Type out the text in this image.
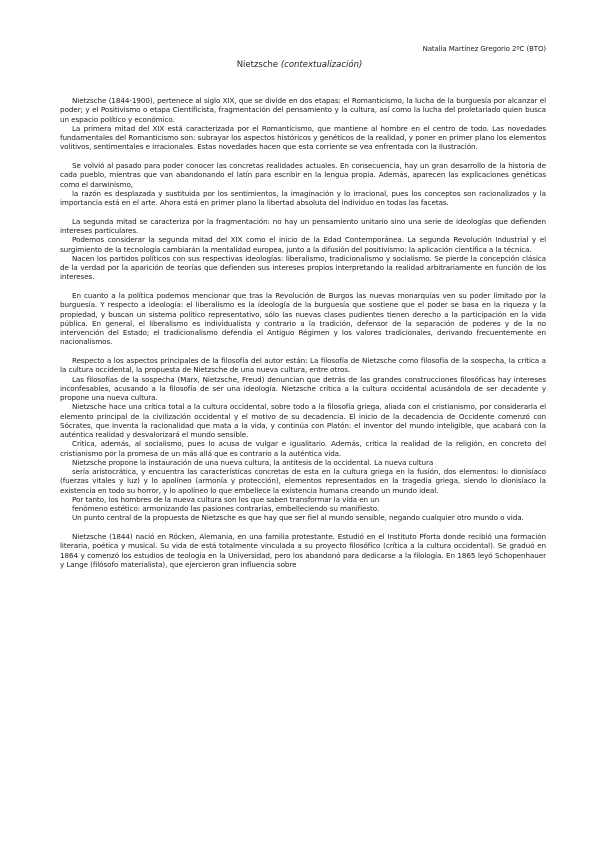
Natalia Martínez Gregorio 2ºC (BTO)
Nietzsche (contextualización)

Nietzsche (1844-1900), pertenece al siglo XIX, que se divide en dos etapas: el Romanticismo, la lucha de la burguesía por alcanzar el poder; y el Positivismo o etapa Científicista, fragmentación del pensamiento y la cultura, así como la lucha del proletariado quien busca un espacio político y económico.

La primera mitad del XIX está caracterizada por el Romanticismo, que mantiene al hombre en el centro de todo. Las novedades fundamentales del Romanticismo son: subrayar los aspectos históricos y genéticos de la realidad, y poner en primer plano los elementos volitivos, sentimentales e irracionales. Estas novedades hacen que esta corriente se vea enfrentada con la Ilustración.

Se volvió al pasado para poder conocer las concretas realidades actuales. En consecuencia, hay un gran desarrollo de la historia de cada pueblo, mientras que van abandonando el latín para escribir en la lengua propia. Además, aparecen las explicaciones genéticas como el darwinismo,

la razón es desplazada y sustituida por los sentimientos, la imaginación y lo irracional, pues los conceptos son racionalizados y la importancia está en el arte. Ahora está en primer plano la libertad absoluta del individuo en todas las facetas.

La segunda mitad se caracteriza por la fragmentación: no hay un pensamiento unitario sino una serie de ideologías que defienden intereses particulares.

Podemos considerar la segunda mitad del XIX como el inicio de la Edad Contemporánea. La segunda Revolución Industrial y el surgimiento de la tecnología cambiarán la mentalidad europea, junto a la difusión del positivismo: la aplicación científica a la técnica.

Nacen los partidos políticos con sus respectivas ideologías: liberalismo, tradicionalismo y socialismo. Se pierde la concepción clásica de la verdad por la aparición de teorías que defienden sus intereses propios interpretando la realidad arbitrariamente en función de los intereses.

En cuanto a la política podemos mencionar que tras la Revolución de Burgos las nuevas monarquías ven su poder limitado por la burguesía. Y respecto a ideología: el liberalismo es la ideología de la burguesía que sostiene que el poder se basa en la riqueza y la propiedad, y buscan un sistema político representativo, sólo las nuevas clases pudientes tienen derecho a la participación en la vida pública. En general, el liberalismo es individualista y contrario a la tradición, defensor de la separación de poderes y de la no intervención del Estado; el tradicionalismo defendía el Antiguo Régimen y los valores tradicionales, derivando frecuentemente en nacionalismos.

Respecto a los aspectos principales de la filosofía del autor están: La filosofía de Nietzsche como filosofía de la sospecha, la crítica a la cultura occidental, la propuesta de Nietzsche de una nueva cultura, entre otros.

Las filosofías de la sospecha (Marx, Nietzsche, Freud) denuncian que detrás de las grandes construcciones filosóficas hay intereses inconfesables, acusando a la filosofía de ser una ideología. Nietzsche critica a la cultura occidental acusándola de ser decadente y propone una nueva cultura.

Nietzsche hace una crítica total a la cultura occidental, sobre todo a la filosofía griega, aliada con el cristianismo, por considerarla el elemento principal de la civilización occidental y el motivo de su decadencia. El inicio de la decadencia de Occidente comenzó con Sócrates, que inventa la racionalidad que mata a la vida, y continúa con Platón: el inventor del mundo inteligible, que acabará con la auténtica realidad y desvalorizará el mundo sensible.

Critica, además, al socialismo, pues lo acusa de vulgar e igualitario. Además, critica la realidad de la religión, en concreto del cristianismo por la promesa de un más allá que es contrario a la auténtica vida.

Nietzsche propone la instauración de una nueva cultura, la antítesis de la occidental. La nueva cultura

sería aristocrática, y encuentra las características concretas de esta en la cultura griega en la fusión, dos elementos: lo dionisíaco (fuerzas vitales y luz) y lo apolíneo (armonía y protección), elementos representados en la tragedia griega, siendo lo dionisíaco la existencia en todo su horror, y lo apolíneo lo que embellece la existencia humana creando un mundo ideal.

Por tanto, los hombres de la nueva cultura son los que saben transformar la vida en un

fenómeno estético: armonizando las pasiones contrarias, embelleciendo su manifiesto.

Un punto central de la propuesta de Nietzsche es que hay que ser fiel al mundo sensible, negando cualquier otro mundo o vida.

Nietzsche (1844) nació en Röcken, Alemania, en una familia protestante. Estudió en el Instituto Pforta donde recibió una formación literaria, poética y musical. Su vida de está totalmente vinculada a su proyecto filosófico (crítica a la cultura occidental). Se graduó en 1864 y comenzó los estudios de teología en la Universidad, pero los abandonó para dedicarse a la filología. En 1865 leyó Schopenhauer y Lange (filósofo materialista), que ejercieron gran influencia sobre
